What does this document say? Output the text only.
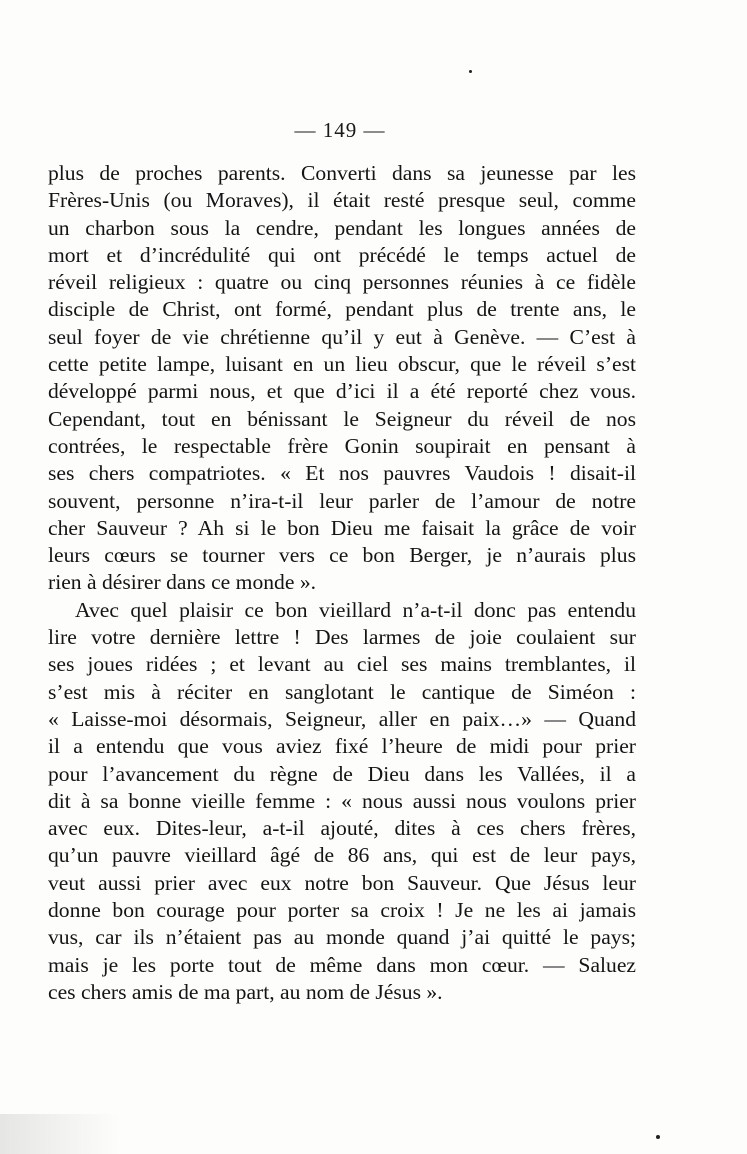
— 149 —
plus de proches parents. Converti dans sa jeunesse par les
Frères-Unis (ou Moraves), il était resté presque seul, comme
un charbon sous la cendre, pendant les longues années de
mort et d’incrédulité qui ont précédé le temps actuel de
réveil religieux : quatre ou cinq personnes réunies à ce fidèle
disciple de Christ, ont formé, pendant plus de trente ans, le
seul foyer de vie chrétienne qu’il y eut à Genève. — C’est à
cette petite lampe, luisant en un lieu obscur, que le réveil s’est
développé parmi nous, et que d’ici il a été reporté chez vous.
Cependant, tout en bénissant le Seigneur du réveil de nos
contrées, le respectable frère Gonin soupirait en pensant à
ses chers compatriotes. « Et nos pauvres Vaudois ! disait-il
souvent, personne n’ira-t-il leur parler de l’amour de notre
cher Sauveur ? Ah si le bon Dieu me faisait la grâce de voir
leurs cœurs se tourner vers ce bon Berger, je n’aurais plus
rien à désirer dans ce monde ».
Avec quel plaisir ce bon vieillard n’a-t-il donc pas entendu
lire votre dernière lettre ! Des larmes de joie coulaient sur
ses joues ridées ; et levant au ciel ses mains tremblantes, il
s’est mis à réciter en sanglotant le cantique de Siméon :
« Laisse-moi désormais, Seigneur, aller en paix…» — Quand
il a entendu que vous aviez fixé l’heure de midi pour prier
pour l’avancement du règne de Dieu dans les Vallées, il a
dit à sa bonne vieille femme : « nous aussi nous voulons prier
avec eux. Dites-leur, a-t-il ajouté, dites à ces chers frères,
qu’un pauvre vieillard âgé de 86 ans, qui est de leur pays,
veut aussi prier avec eux notre bon Sauveur. Que Jésus leur
donne bon courage pour porter sa croix ! Je ne les ai jamais
vus, car ils n’étaient pas au monde quand j’ai quitté le pays;
mais je les porte tout de même dans mon cœur. — Saluez
ces chers amis de ma part, au nom de Jésus ».
